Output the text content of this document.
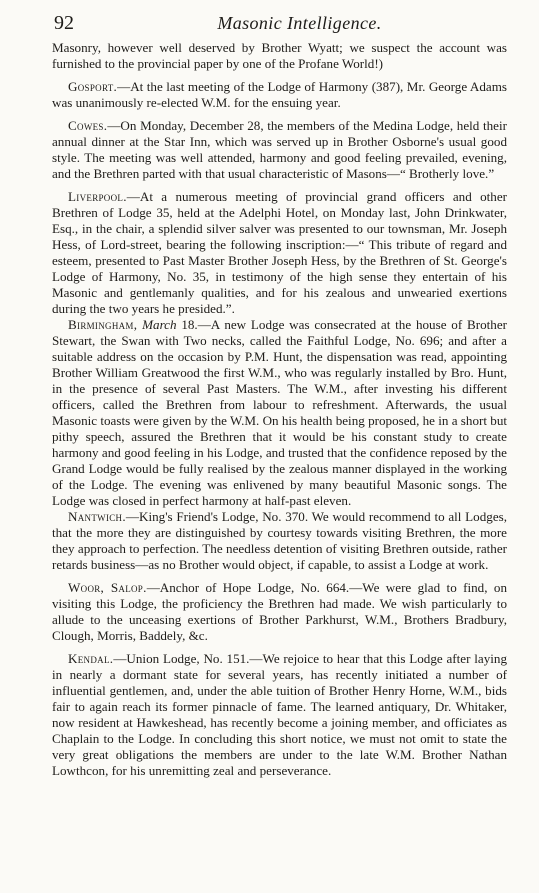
92	Masonic Intelligence.

Masonry, however well deserved by Brother Wyatt; we suspect the account was furnished to the provincial paper by one of the Profane World!)

Gosport.—At the last meeting of the Lodge of Harmony (387), Mr. George Adams was unanimously re-elected W.M. for the ensuing year.

Cowes.—On Monday, December 28, the members of the Medina Lodge, held their annual dinner at the Star Inn, which was served up in Brother Osborne's usual good style. The meeting was well attended, harmony and good feeling prevailed, evening, and the Brethren parted with that usual characteristic of Masons—“ Brotherly love.”

Liverpool.—At a numerous meeting of provincial grand officers and other Brethren of Lodge 35, held at the Adelphi Hotel, on Monday last, John Drinkwater, Esq., in the chair, a splendid silver salver was presented to our townsman, Mr. Joseph Hess, of Lord-street, bearing the following inscription:—“ This tribute of regard and esteem, presented to Past Master Brother Joseph Hess, by the Brethren of St. George's Lodge of Harmony, No. 35, in testimony of the high sense they entertain of his Masonic and gentlemanly qualities, and for his zealous and unwearied exertions during the two years he presided.”.

Birmingham, March 18.—A new Lodge was consecrated at the house of Brother Stewart, the Swan with Two necks, called the Faithful Lodge, No. 696; and after a suitable address on the occasion by P.M. Hunt, the dispensation was read, appointing Brother William Greatwood the first W.M., who was regularly installed by Bro. Hunt, in the presence of several Past Masters. The W.M., after investing his different officers, called the Brethren from labour to refreshment. Afterwards, the usual Masonic toasts were given by the W.M. On his health being proposed, he in a short but pithy speech, assured the Brethren that it would be his constant study to create harmony and good feeling in his Lodge, and trusted that the confidence reposed by the Grand Lodge would be fully realised by the zealous manner displayed in the working of the Lodge. The evening was enlivened by many beautiful Masonic songs. The Lodge was closed in perfect harmony at half-past eleven.

Nantwich.—King's Friend's Lodge, No. 370. We would recommend to all Lodges, that the more they are distinguished by courtesy towards visiting Brethren, the more they approach to perfection. The needless detention of visiting Brethren outside, rather retards business—as no Brother would object, if capable, to assist a Lodge at work.

Woor, Salop.—Anchor of Hope Lodge, No. 664.—We were glad to find, on visiting this Lodge, the proficiency the Brethren had made. We wish particularly to allude to the unceasing exertions of Brother Parkhurst, W.M., Brothers Bradbury, Clough, Morris, Baddely, &c.

Kendal.—Union Lodge, No. 151.—We rejoice to hear that this Lodge after laying in nearly a dormant state for several years, has recently initiated a number of influential gentlemen, and, under the able tuition of Brother Henry Horne, W.M., bids fair to again reach its former pinnacle of fame. The learned antiquary, Dr. Whitaker, now resident at Hawkeshead, has recently become a joining member, and officiates as Chaplain to the Lodge. In concluding this short notice, we must not omit to state the very great obligations the members are under to the late W.M. Brother Nathan Lowthcon, for his unremitting zeal and perseverance.
